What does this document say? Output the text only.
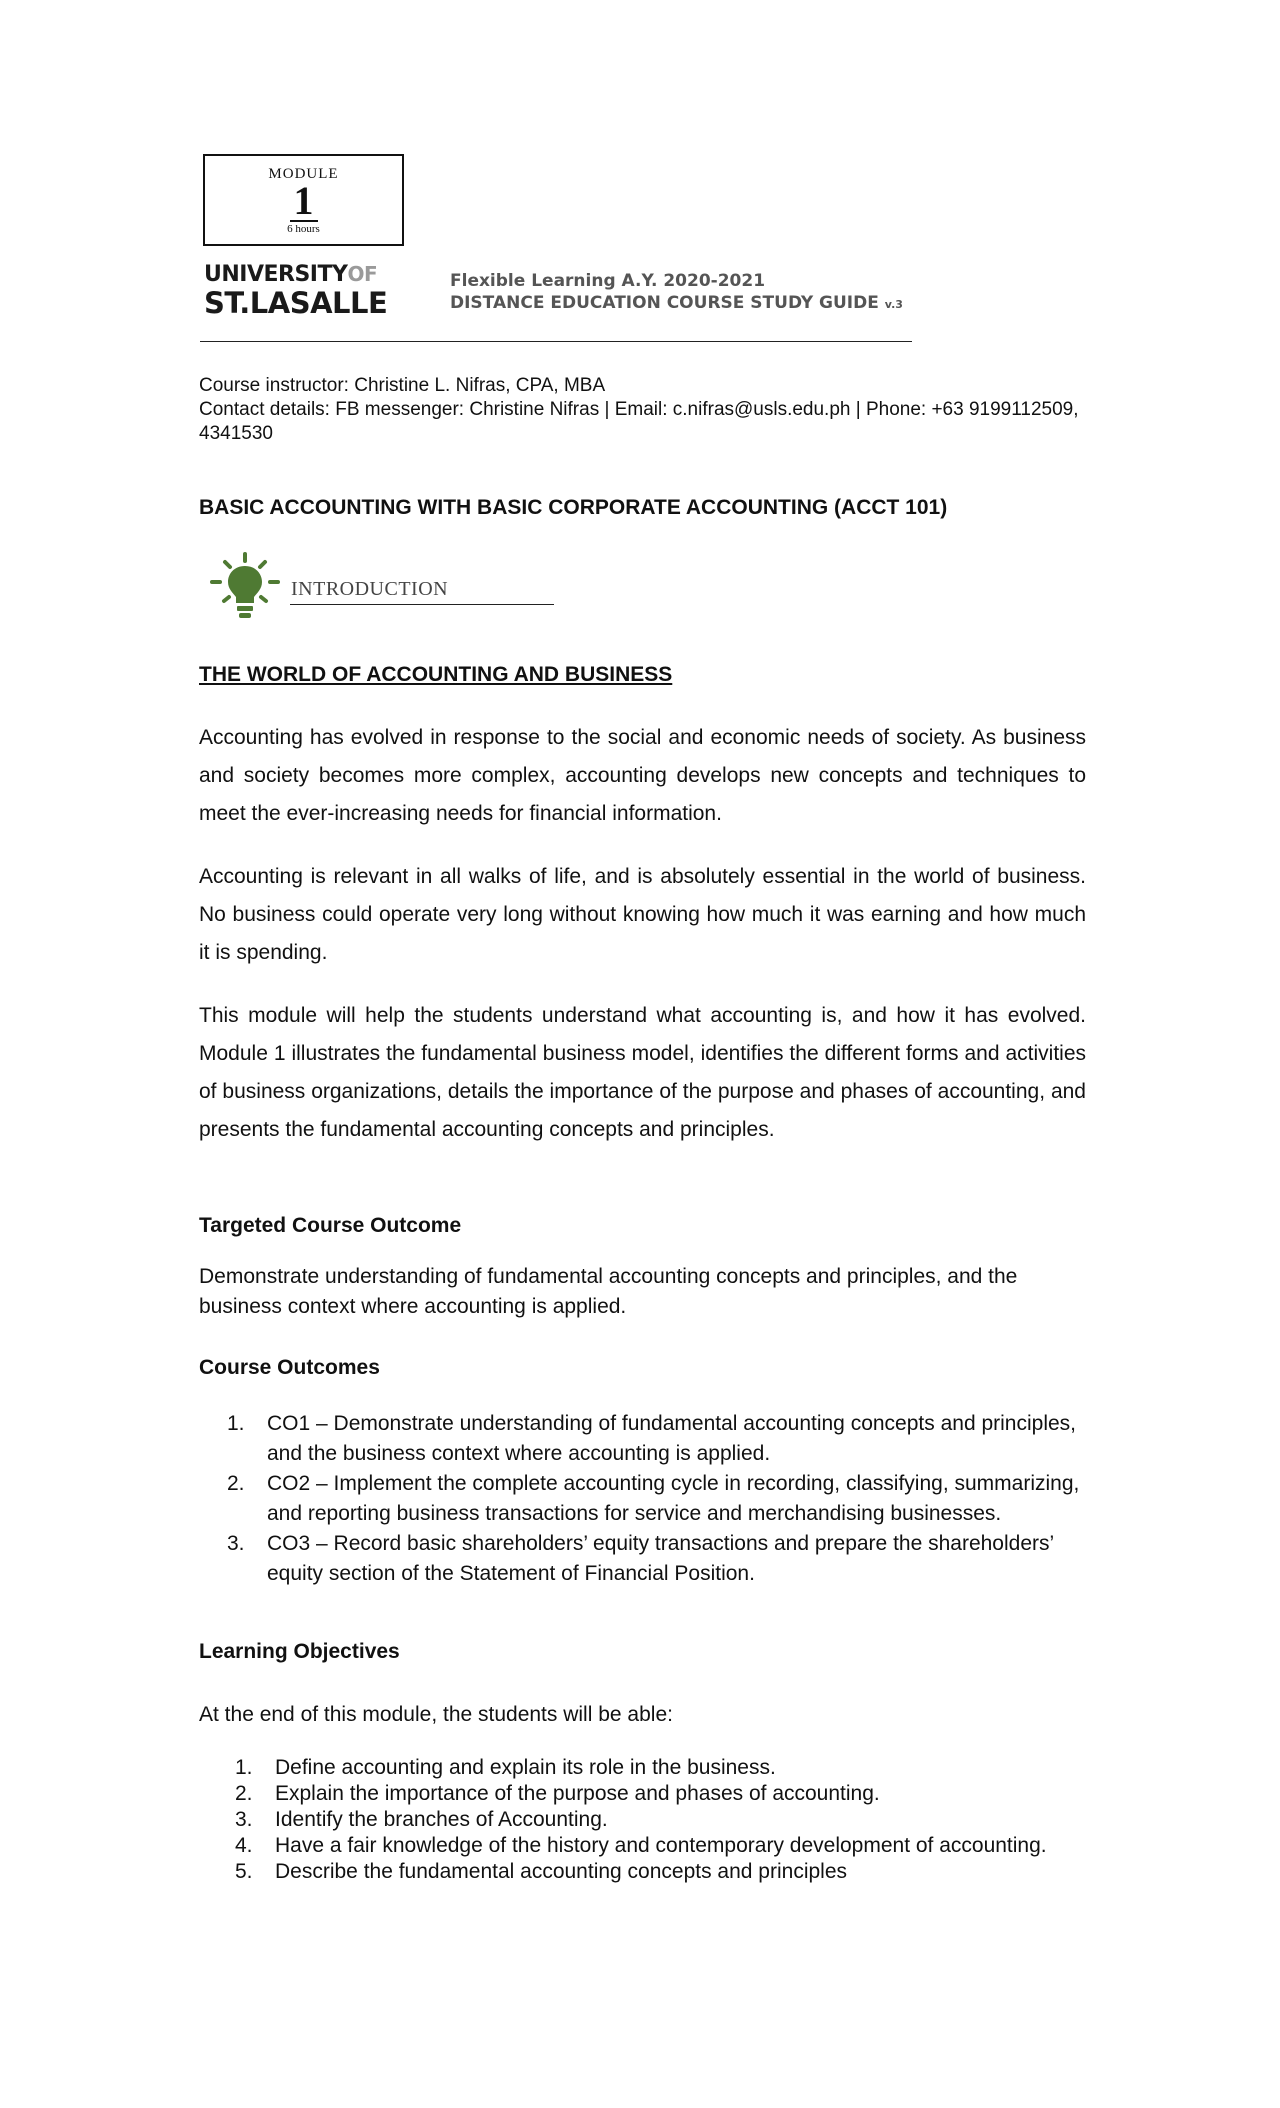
MODULE
1
6 hours
UNIVERSITYOF
ST.LASALLE
Flexible Learning A.Y. 2020-2021
DISTANCE EDUCATION COURSE STUDY GUIDE v.3
Course instructor: Christine L. Nifras, CPA, MBA
Contact details: FB messenger: Christine Nifras | Email: c.nifras@usls.edu.ph | Phone: +63 9199112509, 4341530
BASIC ACCOUNTING WITH BASIC CORPORATE ACCOUNTING (ACCT 101)
INTRODUCTION
THE WORLD OF ACCOUNTING AND BUSINESS
Accounting has evolved in response to the social and economic needs of society. As business and society becomes more complex, accounting develops new concepts and techniques to meet the ever-increasing needs for financial information.
Accounting is relevant in all walks of life, and is absolutely essential in the world of business. No business could operate very long without knowing how much it was earning and how much it is spending.
This module will help the students understand what accounting is, and how it has evolved. Module 1 illustrates the fundamental business model, identifies the different forms and activities of business organizations, details the importance of the purpose and phases of accounting, and presents the fundamental accounting concepts and principles.
Targeted Course Outcome
Demonstrate understanding of fundamental accounting concepts and principles, and the business context where accounting is applied.
Course Outcomes
1. CO1 – Demonstrate understanding of fundamental accounting concepts and principles, and the business context where accounting is applied.
2. CO2 – Implement the complete accounting cycle in recording, classifying, summarizing, and reporting business transactions for service and merchandising businesses.
3. CO3 – Record basic shareholders’ equity transactions and prepare the shareholders’ equity section of the Statement of Financial Position.
Learning Objectives
At the end of this module, the students will be able:
1. Define accounting and explain its role in the business.
2. Explain the importance of the purpose and phases of accounting.
3. Identify the branches of Accounting.
4. Have a fair knowledge of the history and contemporary development of accounting.
5. Describe the fundamental accounting concepts and principles
